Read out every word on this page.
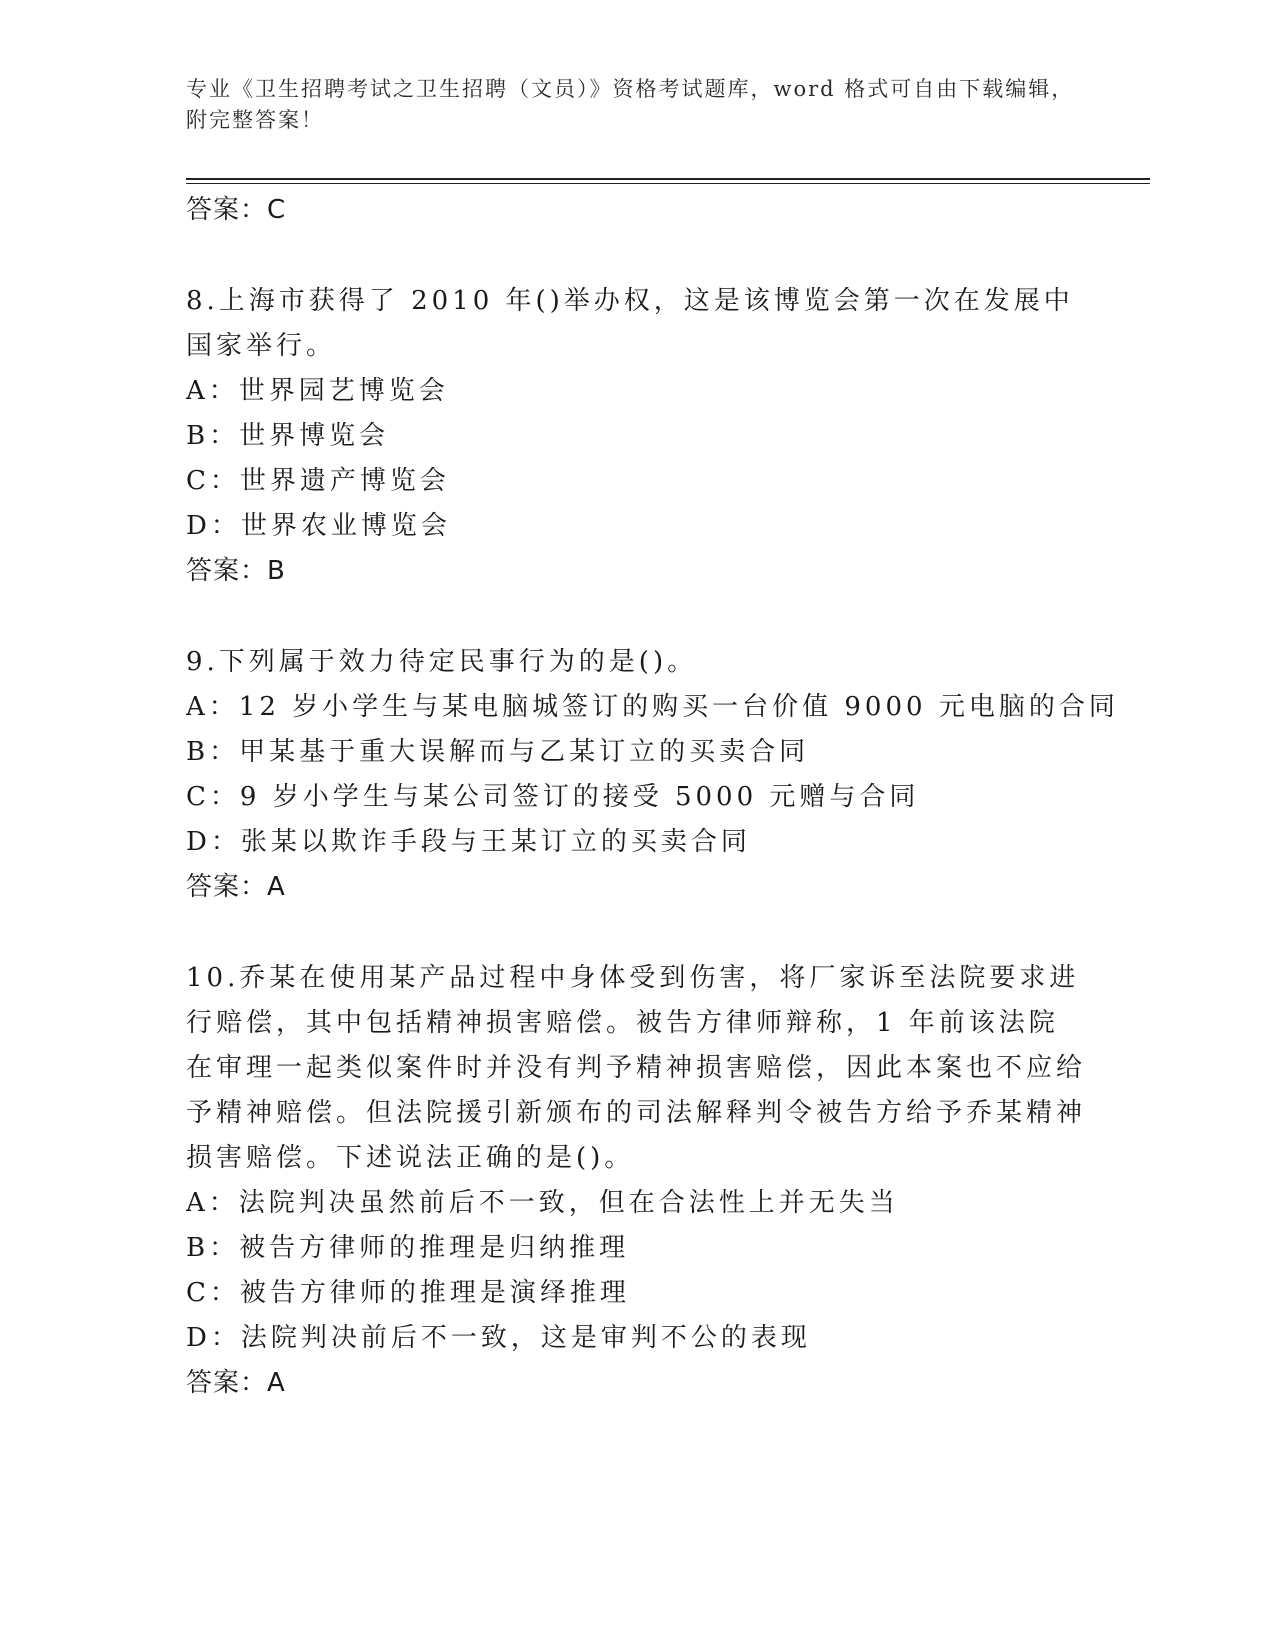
专业《卫生招聘考试之卫生招聘（文员）》资格考试题库，word 格式可自由下载编辑，附完整答案！

答案：C

8.上海市获得了 2010 年()举办权，这是该博览会第一次在发展中国家举行。

A：世界园艺博览会

B：世界博览会

C：世界遗产博览会

D：世界农业博览会

答案：B

9.下列属于效力待定民事行为的是()。

A：12 岁小学生与某电脑城签订的购买一台价值 9000 元电脑的合同

B：甲某基于重大误解而与乙某订立的买卖合同

C：9 岁小学生与某公司签订的接受 5000 元赠与合同

D：张某以欺诈手段与王某订立的买卖合同

答案：A

10.乔某在使用某产品过程中身体受到伤害，将厂家诉至法院要求进行赔偿，其中包括精神损害赔偿。被告方律师辩称，1 年前该法院在审理一起类似案件时并没有判予精神损害赔偿，因此本案也不应给予精神赔偿。但法院援引新颁布的司法解释判令被告方给予乔某精神损害赔偿。下述说法正确的是()。

A：法院判决虽然前后不一致，但在合法性上并无失当

B：被告方律师的推理是归纳推理

C：被告方律师的推理是演绎推理

D：法院判决前后不一致，这是审判不公的表现

答案：A
